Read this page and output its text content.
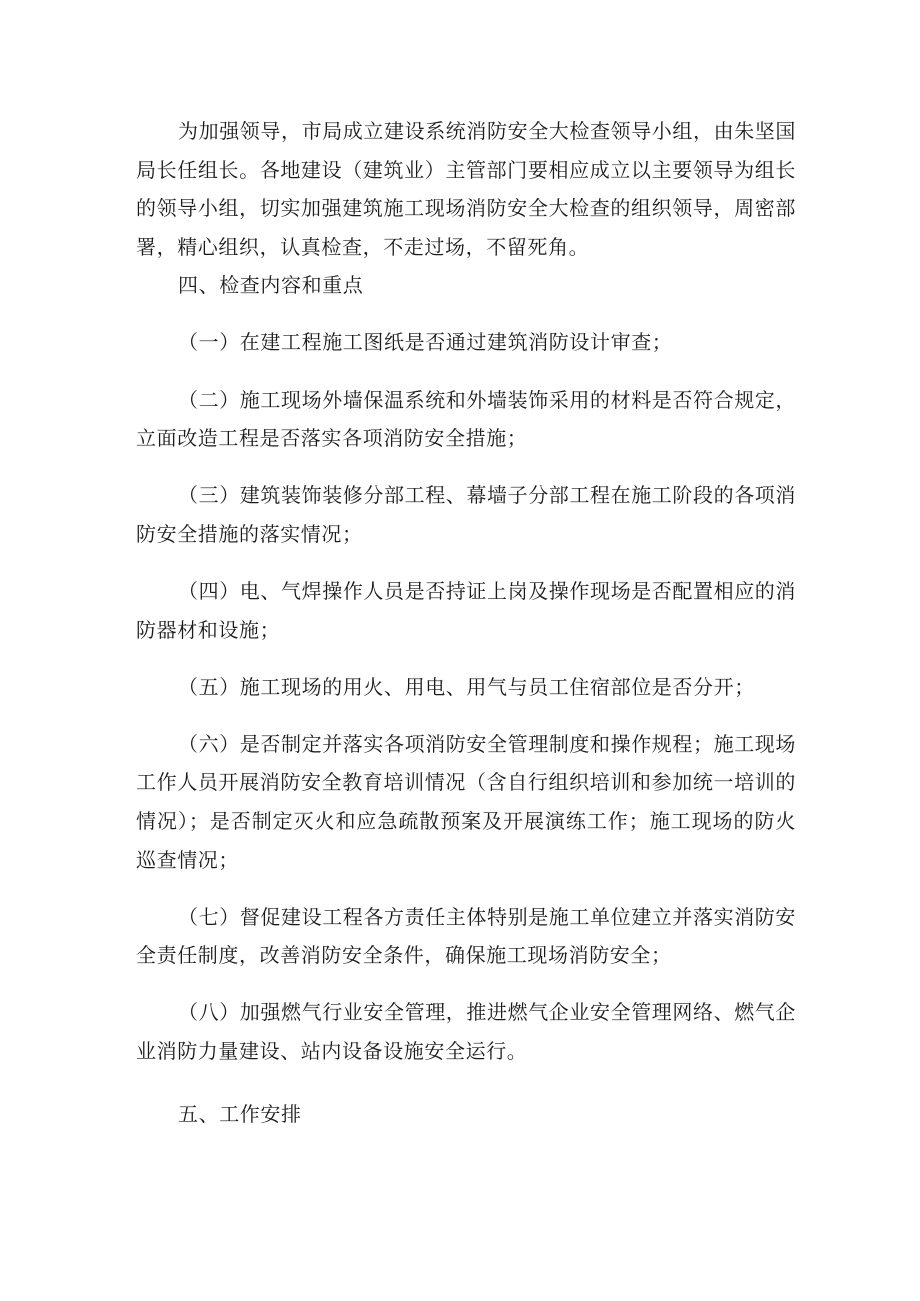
为加强领导，市局成立建设系统消防安全大检查领导小组，由朱坚国局长任组长。各地建设（建筑业）主管部门要相应成立以主要领导为组长的领导小组，切实加强建筑施工现场消防安全大检查的组织领导，周密部署，精心组织，认真检查，不走过场，不留死角。

四、检查内容和重点

（一）在建工程施工图纸是否通过建筑消防设计审查；

（二）施工现场外墙保温系统和外墙装饰采用的材料是否符合规定，立面改造工程是否落实各项消防安全措施；

（三）建筑装饰装修分部工程、幕墙子分部工程在施工阶段的各项消防安全措施的落实情况；

（四）电、气焊操作人员是否持证上岗及操作现场是否配置相应的消防器材和设施；

（五）施工现场的用火、用电、用气与员工住宿部位是否分开；

（六）是否制定并落实各项消防安全管理制度和操作规程；施工现场工作人员开展消防安全教育培训情况（含自行组织培训和参加统一培训的情况）；是否制定灭火和应急疏散预案及开展演练工作；施工现场的防火巡查情况；

（七）督促建设工程各方责任主体特别是施工单位建立并落实消防安全责任制度，改善消防安全条件，确保施工现场消防安全；

（八）加强燃气行业安全管理，推进燃气企业安全管理网络、燃气企业消防力量建设、站内设备设施安全运行。

五、工作安排
